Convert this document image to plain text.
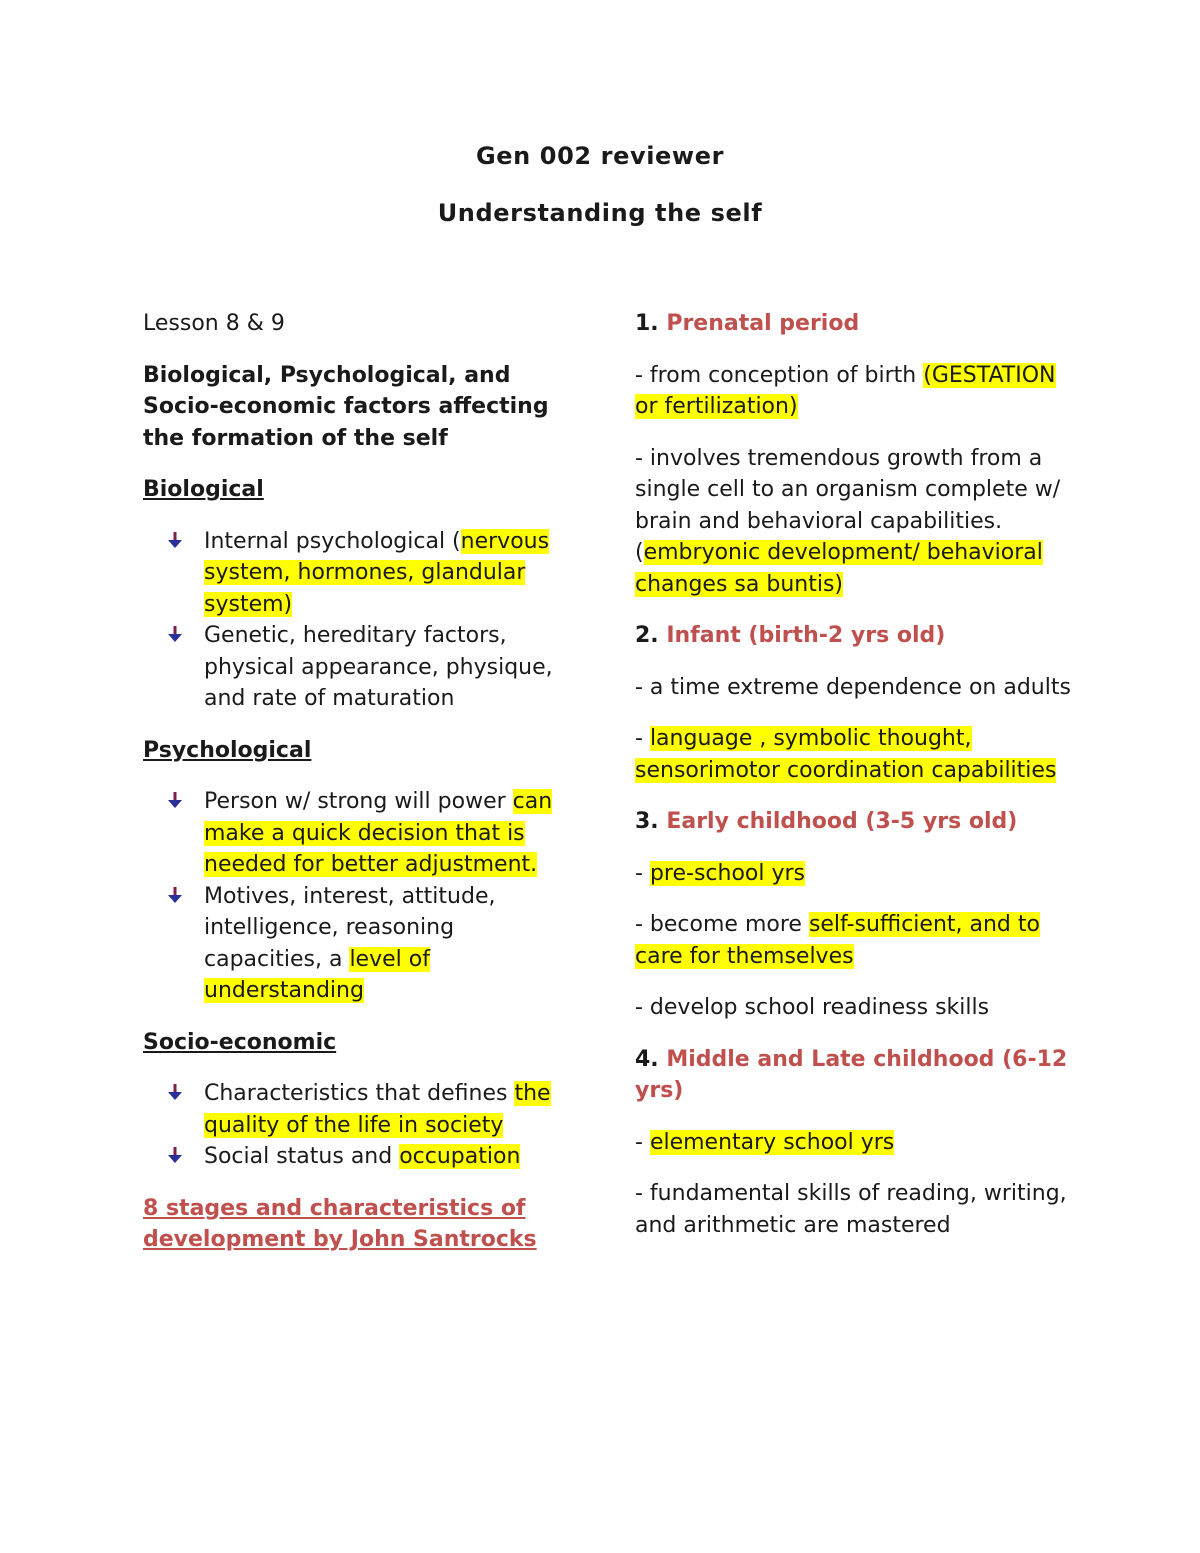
Gen 002 reviewer
Understanding the self

Lesson 8 & 9

Biological, Psychological, and Socio-economic factors affecting the formation of the self

Biological

Internal psychological (nervous system, hormones, glandular system)
Genetic, hereditary factors, physical appearance, physique, and rate of maturation

Psychological

Person w/ strong will power can make a quick decision that is needed for better adjustment.
Motives, interest, attitude, intelligence, reasoning capacities, a level of understanding

Socio-economic

Characteristics that defines the quality of the life in society
Social status and occupation

8 stages and characteristics of development by John Santrocks

1. Prenatal period

- from conception of birth (GESTATION or fertilization)

- involves tremendous growth from a single cell to an organism complete w/ brain and behavioral capabilities. (embryonic development/ behavioral changes sa buntis)

2. Infant (birth-2 yrs old)

- a time extreme dependence on adults

- language , symbolic thought, sensorimotor coordination capabilities

3. Early childhood (3-5 yrs old)

- pre-school yrs

- become more self-sufficient, and to care for themselves

- develop school readiness skills

4. Middle and Late childhood (6-12 yrs)

- elementary school yrs

- fundamental skills of reading, writing, and arithmetic are mastered
